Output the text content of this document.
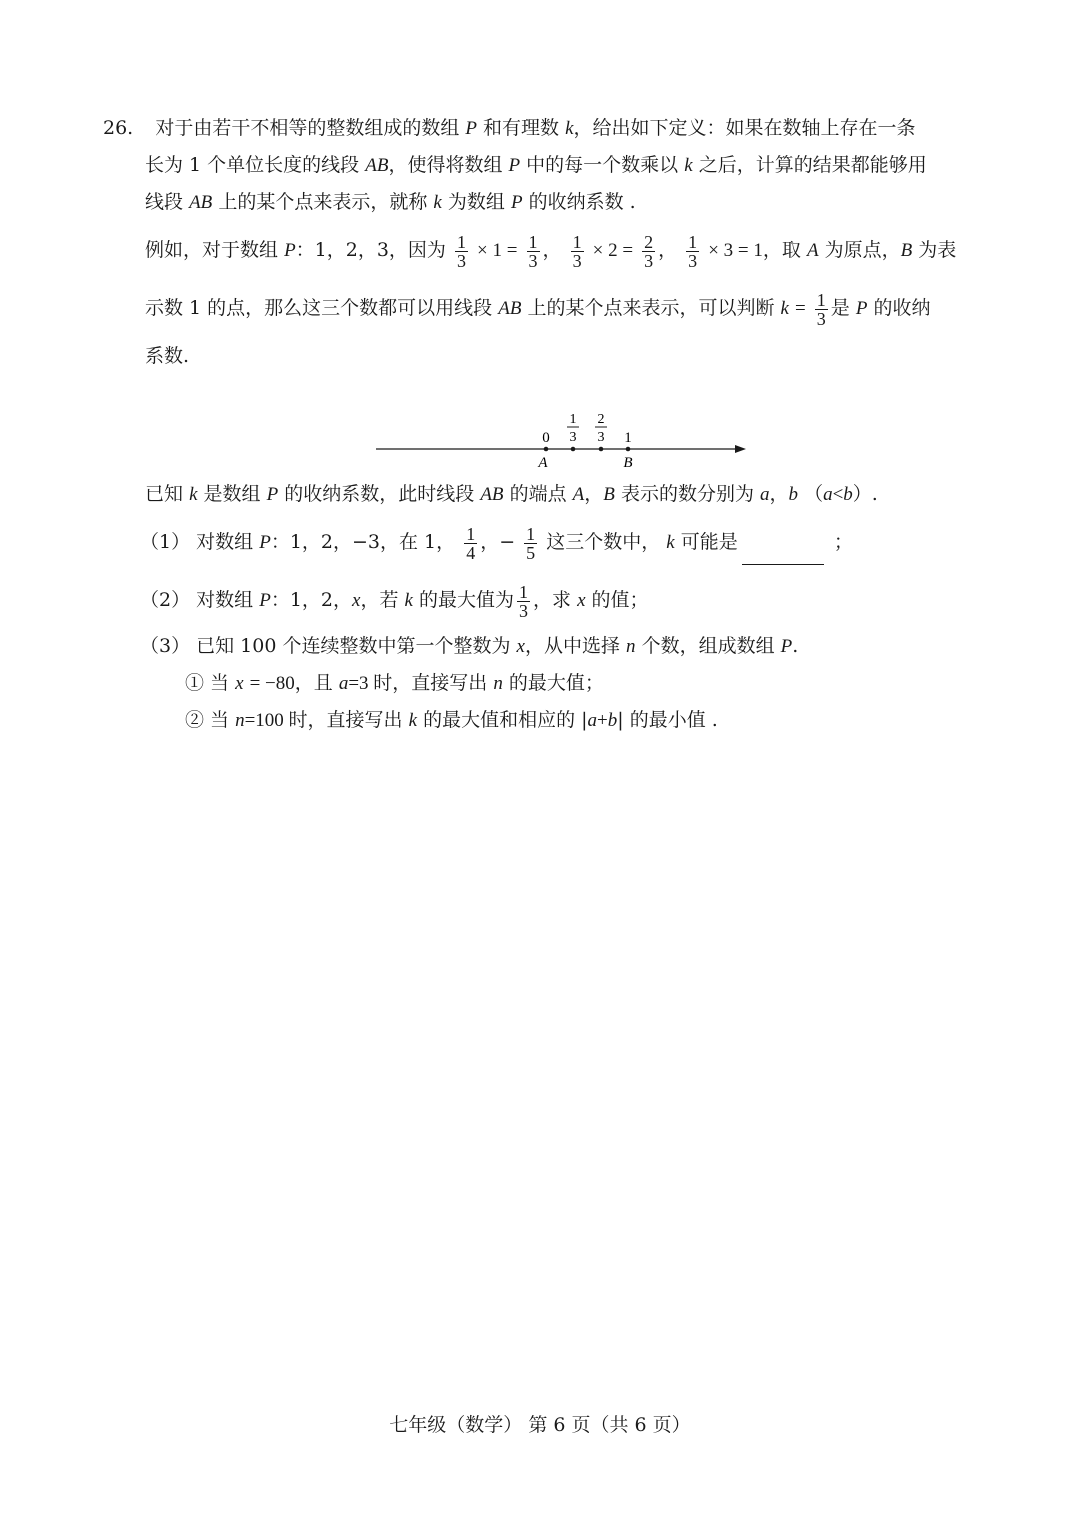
26. 对于由若干不相等的整数组成的数组 P 和有理数 k，给出如下定义：如果在数轴上存在一条
长为 1 个单位长度的线段 AB，使得将数组 P 中的每一个数乘以 k 之后，计算的结果都能够用
线段 AB 上的某个点来表示，就称 k 为数组 P 的收纳系数 .
例如，对于数组 P：1，2，3，因为 $\frac{1}{3} \times 1 = \frac{1}{3}$ ， $\frac{1}{3} \times 2 = \frac{2}{3}$ ， $\frac{1}{3} \times 3 = 1$，取 A 为原点，B 为表
示数 1 的点，那么这三个数都可以用线段 AB 上的某个点来表示，可以判断 $k = \frac{1}{3}$ 是 P 的收纳
系数.
0	1
1
3
2
3
A	B
已知 k 是数组 P 的收纳系数，此时线段 AB 的端点 A，B 表示的数分别为 a，b （a<b）.
（1） 对数组 P：1，2，−3，在 1， $\frac{1}{4}$ ，− $\frac{1}{5}$ 这三个数中， k 可能是	；
（2） 对数组 P：1，2，x，若 k 的最大值为 $\frac{1}{3}$ ，求 x 的值；
（3） 已知 100 个连续整数中第一个整数为 x，从中选择 n 个数，组成数组 P.
① 当 x = −80，且 a=3 时，直接写出 n 的最大值；
② 当 n=100 时，直接写出 k 的最大值和相应的 |a+b| 的最小值 .
七年级（数学） 第 6 页（共 6 页）
